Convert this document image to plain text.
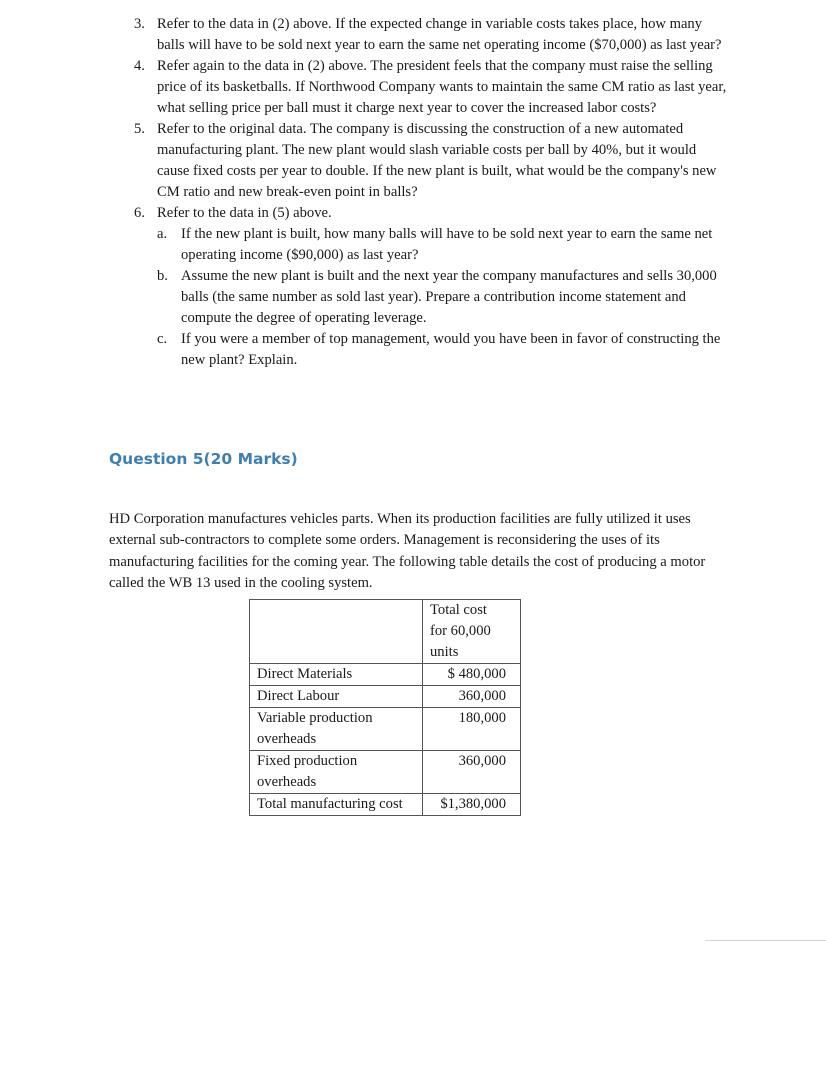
3. Refer to the data in (2) above. If the expected change in variable costs takes place, how many balls will have to be sold next year to earn the same net operating income ($70,000) as last year?
4. Refer again to the data in (2) above. The president feels that the company must raise the selling price of its basketballs. If Northwood Company wants to maintain the same CM ratio as last year, what selling price per ball must it charge next year to cover the increased labor costs?
5. Refer to the original data. The company is discussing the construction of a new automated manufacturing plant. The new plant would slash variable costs per ball by 40%, but it would cause fixed costs per year to double. If the new plant is built, what would be the company's new CM ratio and new break-even point in balls?
6. Refer to the data in (5) above.
a. If the new plant is built, how many balls will have to be sold next year to earn the same net operating income ($90,000) as last year?
b. Assume the new plant is built and the next year the company manufactures and sells 30,000 balls (the same number as sold last year). Prepare a contribution income statement and compute the degree of operating leverage.
c. If you were a member of top management, would you have been in favor of constructing the new plant? Explain.
Question 5(20 Marks)

HD Corporation manufactures vehicles parts. When its production facilities are fully utilized it uses external sub-contractors to complete some orders. Management is reconsidering the uses of its manufacturing facilities for the coming year. The following table details the cost of producing a motor called the WB 13 used in the cooling system.

	Total cost for 60,000 units
Direct Materials	$ 480,000
Direct Labour	360,000
Variable production overheads	180,000
Fixed production overheads	360,000
Total manufacturing cost	$1,380,000
